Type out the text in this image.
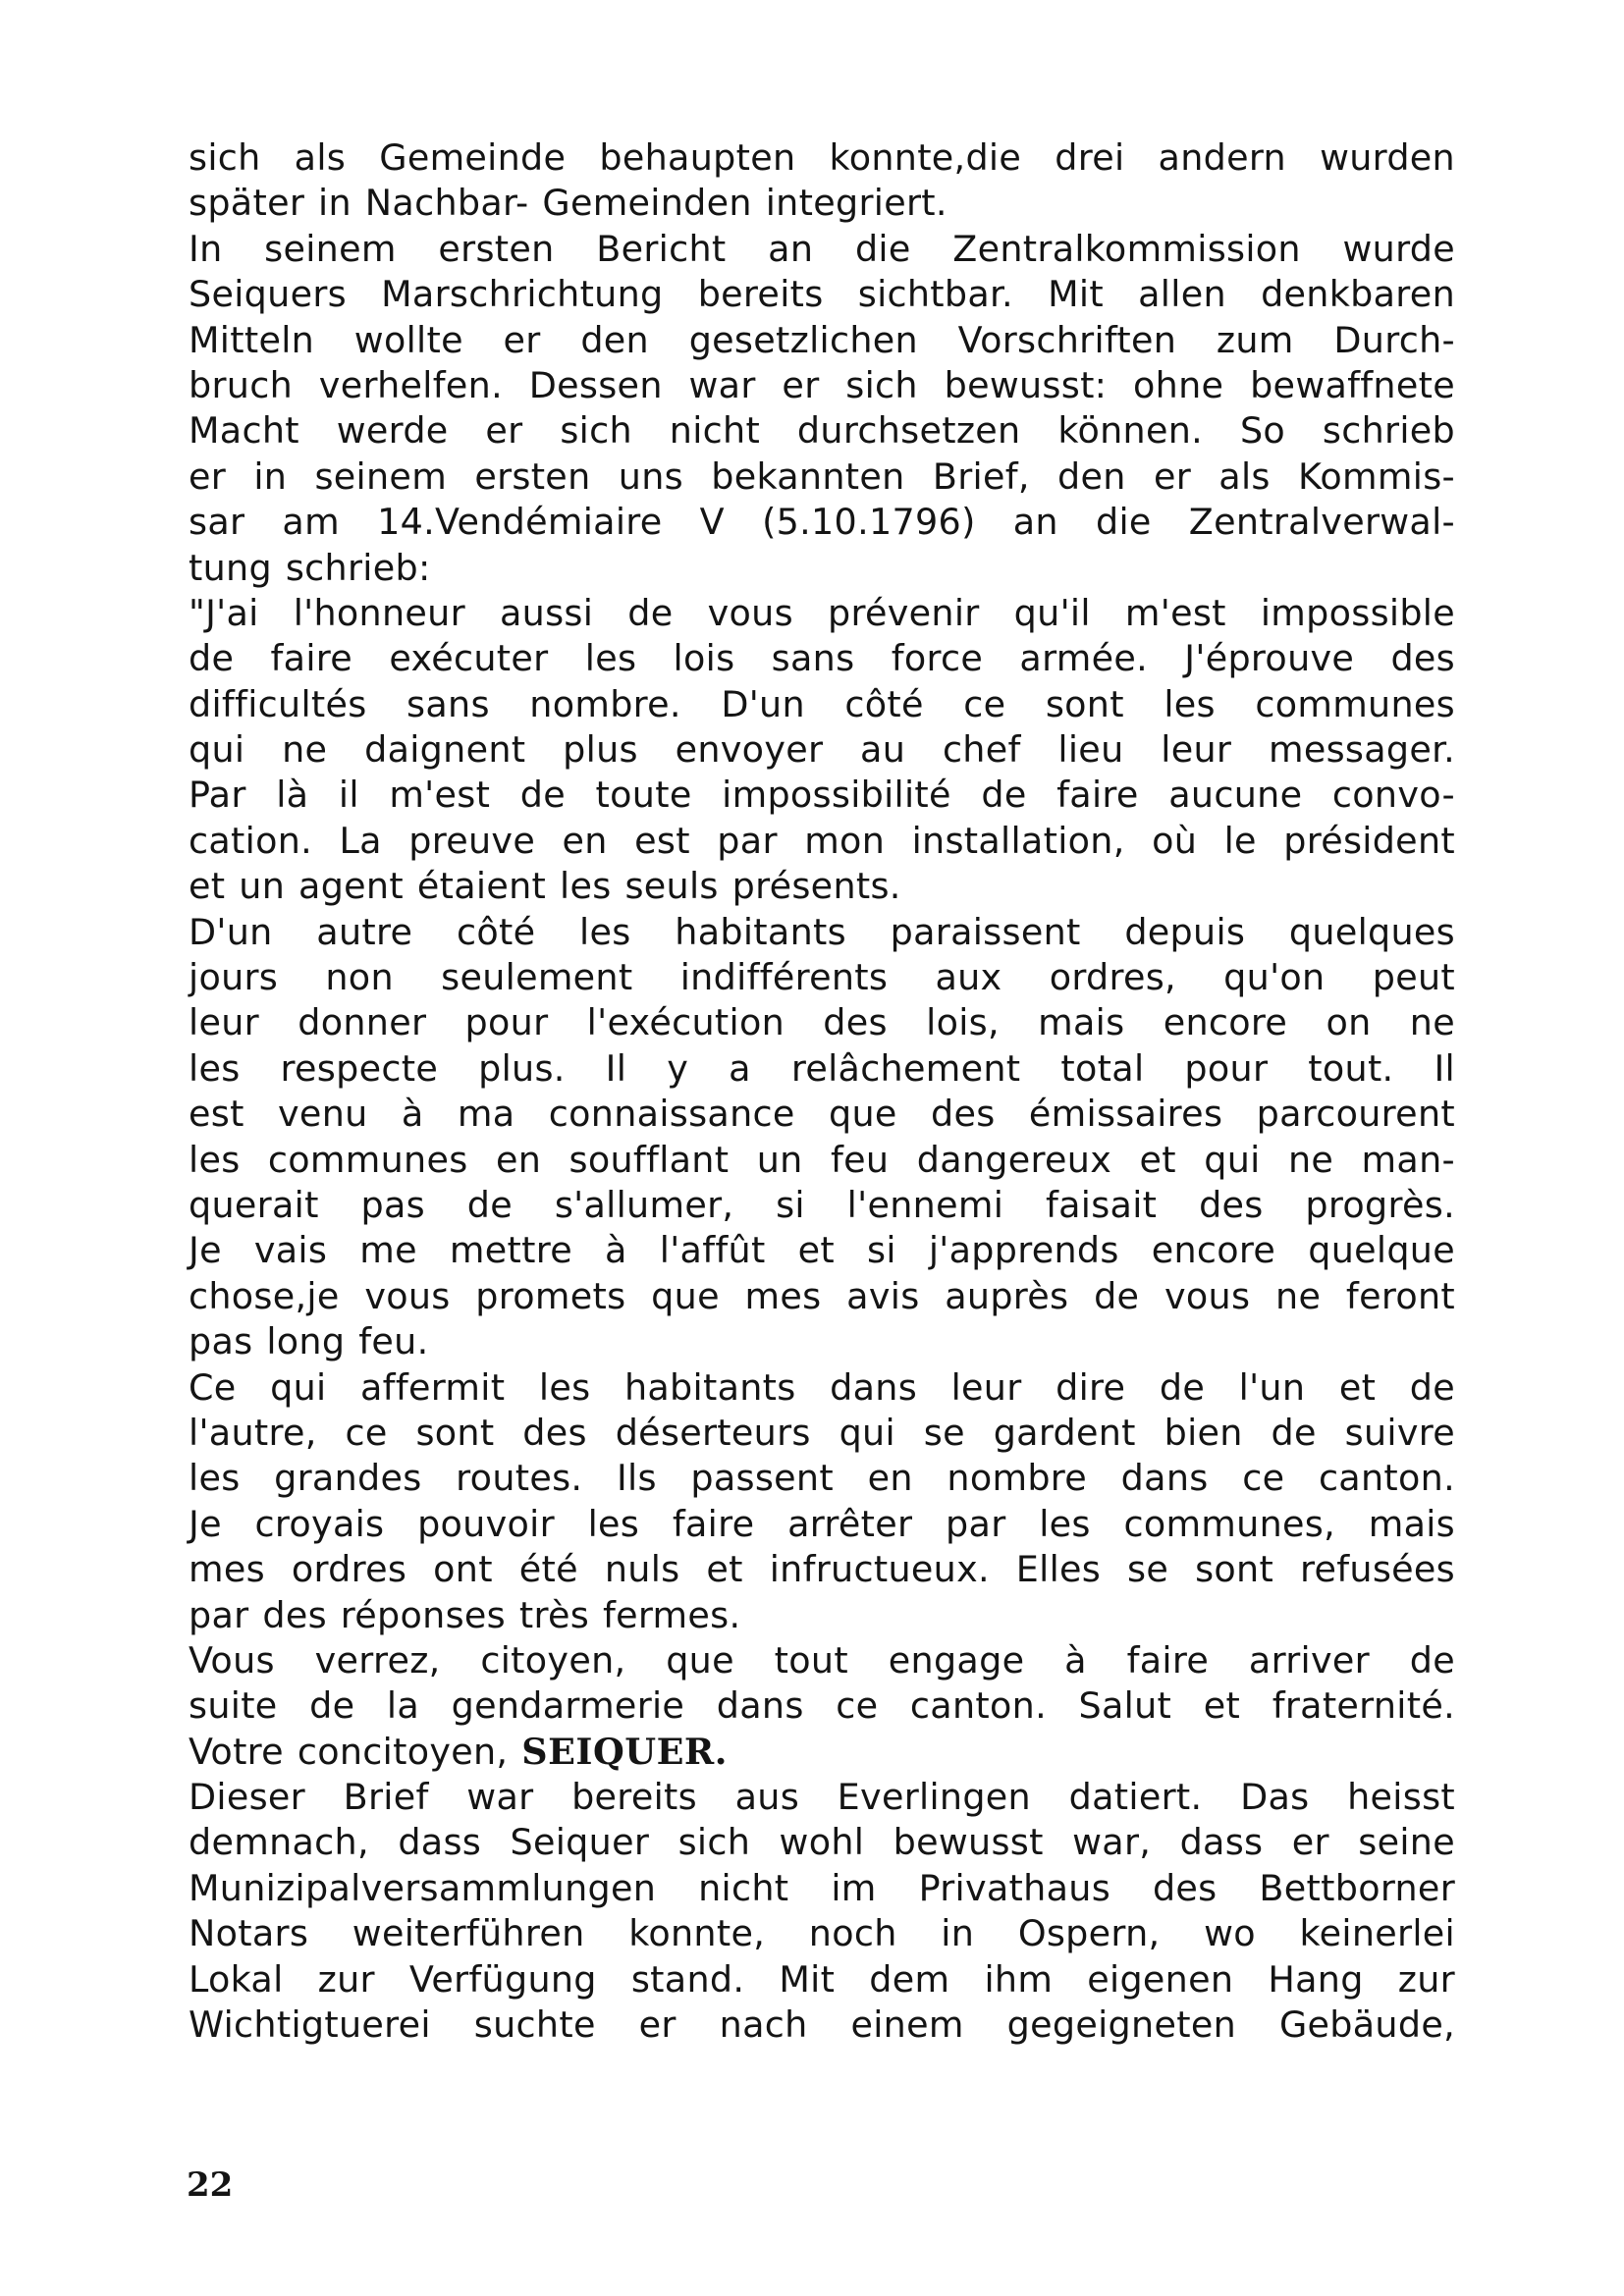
sich als Gemeinde behaupten konnte,die drei andern wurden
später in Nachbar- Gemeinden integriert.
In seinem ersten Bericht an die Zentralkommission wurde
Seiquers Marschrichtung bereits sichtbar. Mit allen denkbaren
Mitteln wollte er den gesetzlichen Vorschriften zum Durch-
bruch verhelfen. Dessen war er sich bewusst: ohne bewaffnete
Macht werde er sich nicht durchsetzen können. So schrieb
er in seinem ersten uns bekannten Brief, den er als Kommis-
sar am 14.Vendémiaire V (5.10.1796) an die Zentralverwal-
tung schrieb:
"J'ai l'honneur aussi de vous prévenir qu'il m'est impossible
de faire exécuter les lois sans force armée. J'éprouve des
difficultés sans nombre. D'un côté ce sont les communes
qui ne daignent plus envoyer au chef lieu leur messager.
Par là il m'est de toute impossibilité de faire aucune convo-
cation. La preuve en est par mon installation, où le président
et un agent étaient les seuls présents.
D'un autre côté les habitants paraissent depuis quelques
jours non seulement indifférents aux ordres, qu'on peut
leur donner pour l'exécution des lois, mais encore on ne
les respecte plus. Il y a relâchement total pour tout. Il
est venu à ma connaissance que des émissaires parcourent
les communes en soufflant un feu dangereux et qui ne man-
querait pas de s'allumer, si l'ennemi faisait des progrès.
Je vais me mettre à l'affût et si j'apprends encore quelque
chose,je vous promets que mes avis auprès de vous ne feront
pas long feu.
Ce qui affermit les habitants dans leur dire de l'un et de
l'autre, ce sont des déserteurs qui se gardent bien de suivre
les grandes routes. Ils passent en nombre dans ce canton.
Je croyais pouvoir les faire arrêter par les communes, mais
mes ordres ont été nuls et infructueux. Elles se sont refusées
par des réponses très fermes.
Vous verrez, citoyen, que tout engage à faire arriver de
suite de la gendarmerie dans ce canton. Salut et fraternité.
Votre concitoyen, SEIQUER.
Dieser Brief war bereits aus Everlingen datiert. Das heisst
demnach, dass Seiquer sich wohl bewusst war, dass er seine
Munizipalversammlungen nicht im Privathaus des Bettborner
Notars weiterführen konnte, noch in Ospern, wo keinerlei
Lokal zur Verfügung stand. Mit dem ihm eigenen Hang zur
Wichtigtuerei suchte er nach einem gegeigneten Gebäude,
22
